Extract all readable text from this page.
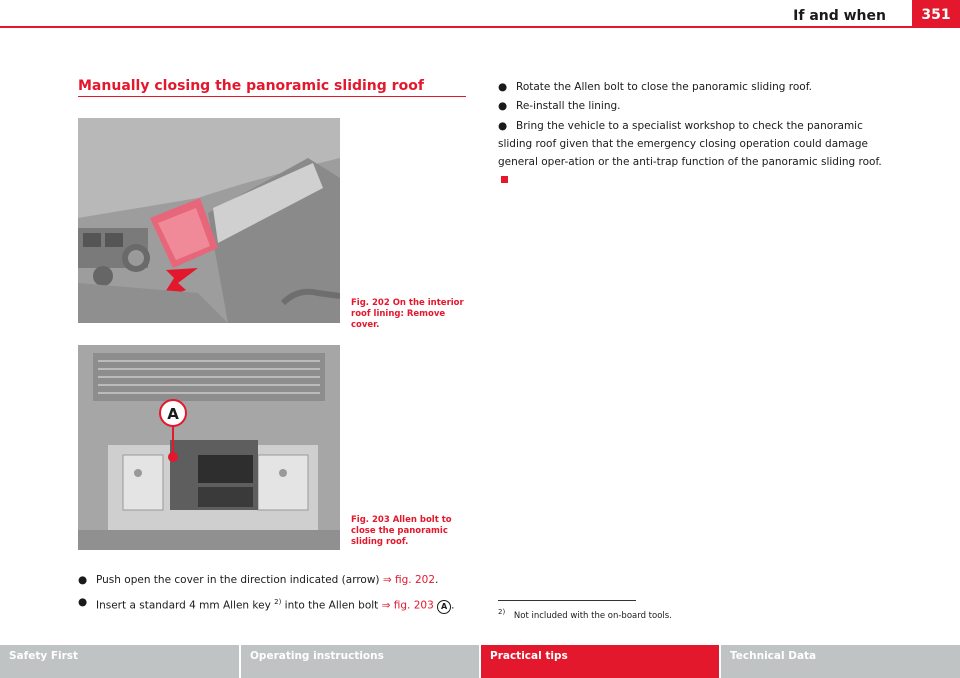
If and when	351
Manually closing the panoramic sliding roof
Fig. 202 On the interior roof lining: Remove cover.
A
Fig. 203 Allen bolt to close the panoramic sliding roof.
● Push open the cover in the direction indicated (arrow) ⇒ fig. 202.
● Insert a standard 4 mm Allen key $^{2)}$ into the Allen bolt ⇒ fig. 203 A .
● Rotate the Allen bolt to close the panoramic sliding roof.
● Re-install the lining.
● Bring the vehicle to a specialist workshop to check the panoramic sliding roof given that the emergency closing operation could damage general oper-ation or the anti-trap function of the panoramic sliding roof.
$^{2)}$ Not included with the on-board tools.
Safety First	Operating instructions	Practical tips	Technical Data
